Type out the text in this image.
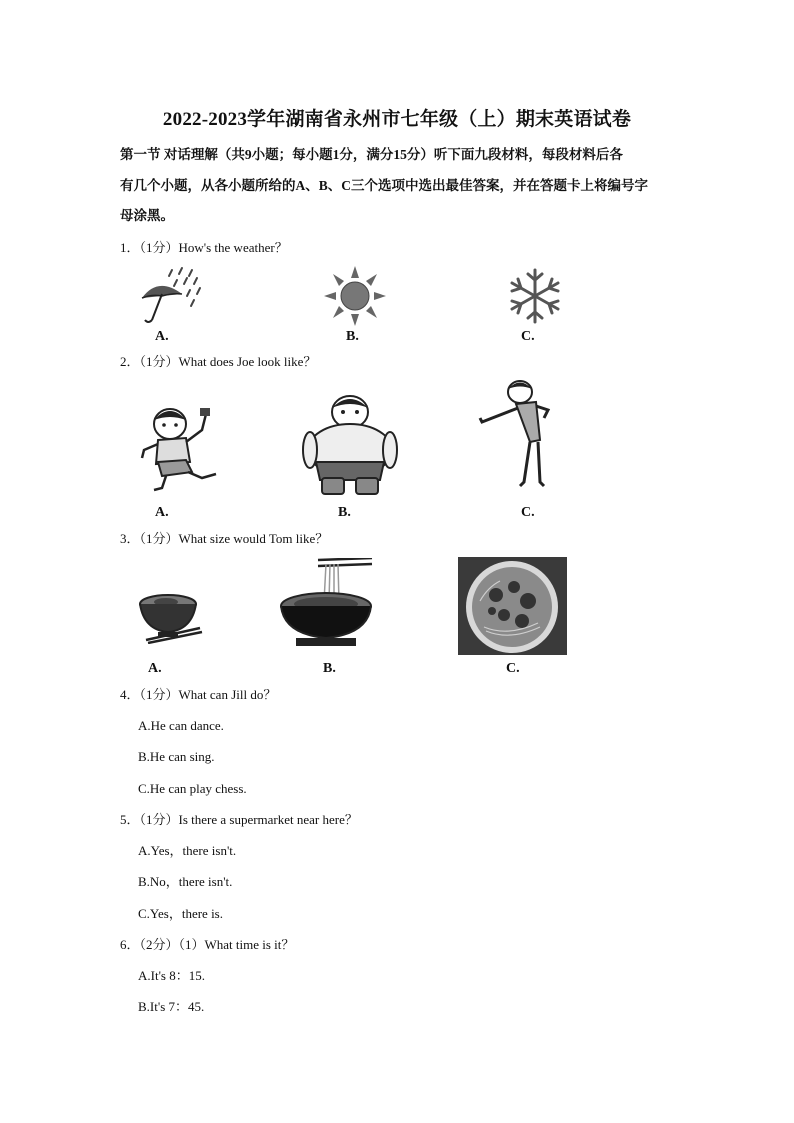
2022-2023学年湖南省永州市七年级（上）期末英语试卷
第一节 对话理解（共9小题；每小题1分，满分15分）听下面九段材料，每段材料后各
有几个小题，从各小题所给的A、B、C三个选项中选出最佳答案，并在答题卡上将编号字
母涂黑。
1．（1分）How's the weather？
A.	B.	C.
2．（1分）What does Joe look like？
A.	B.	C.
3．（1分）What size would Tom like？
A.	B.	C.
4．（1分）What can Jill do？
A.He can dance.
B.He can sing.
C.He can play chess.
5．（1分）Is there a supermarket near here？
A.Yes，there isn't.
B.No，there isn't.
C.Yes，there is.
6．（2分）（1）What time is it？
A.It's 8：15.
B.It's 7：45.
